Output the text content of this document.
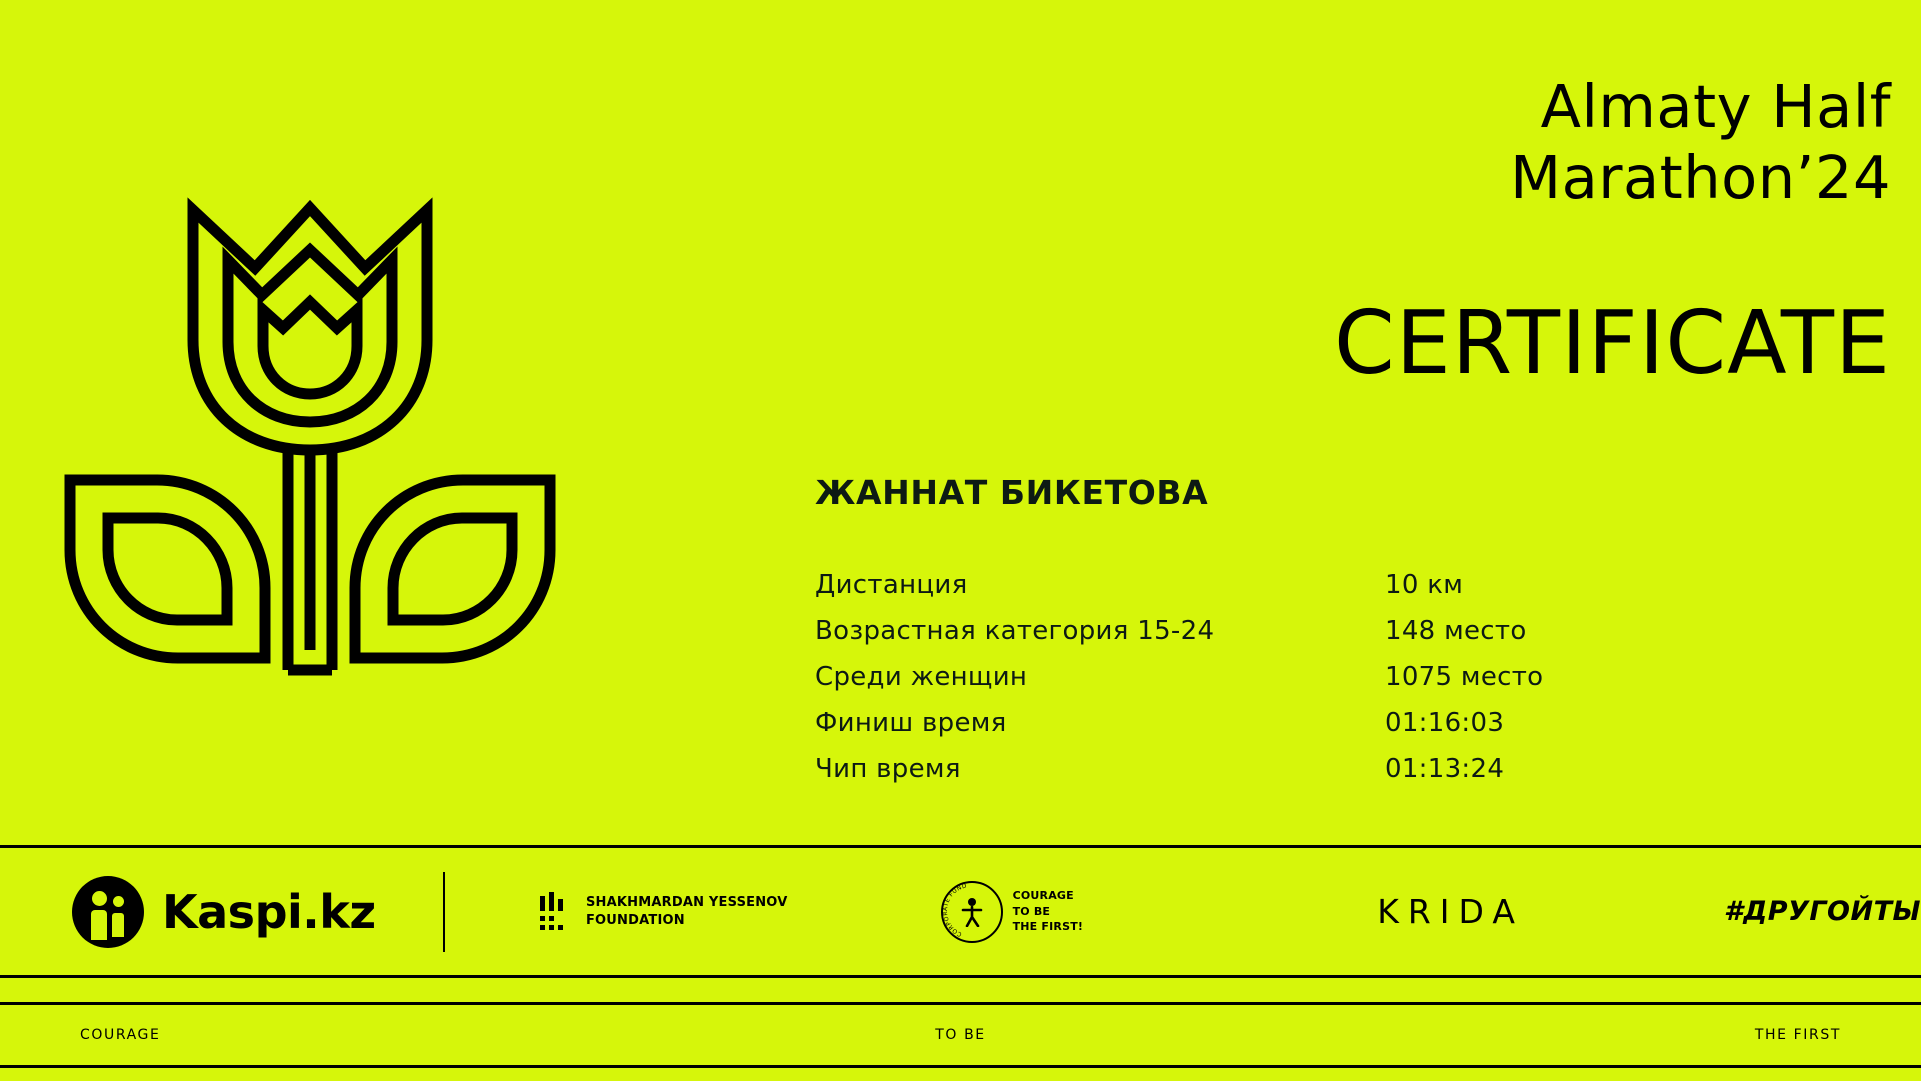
Almaty Half
Marathon’24
CERTIFICATE
ЖАННАТ БИКЕТОВА
Дистанция	10 км
Возрастная категория 15-24	148 место
Среди женщин	1075 место
Финиш время	01:16:03
Чип время	01:13:24
Kaspi.kz	SHAKHMARDAN YESSENOV
FOUNDATION
CORPORATE FUND
COURAGE
TO BE
THE FIRST!	KRIDA	#ДРУГОЙТЫ
COURAGE	TO BE	THE FIRST
